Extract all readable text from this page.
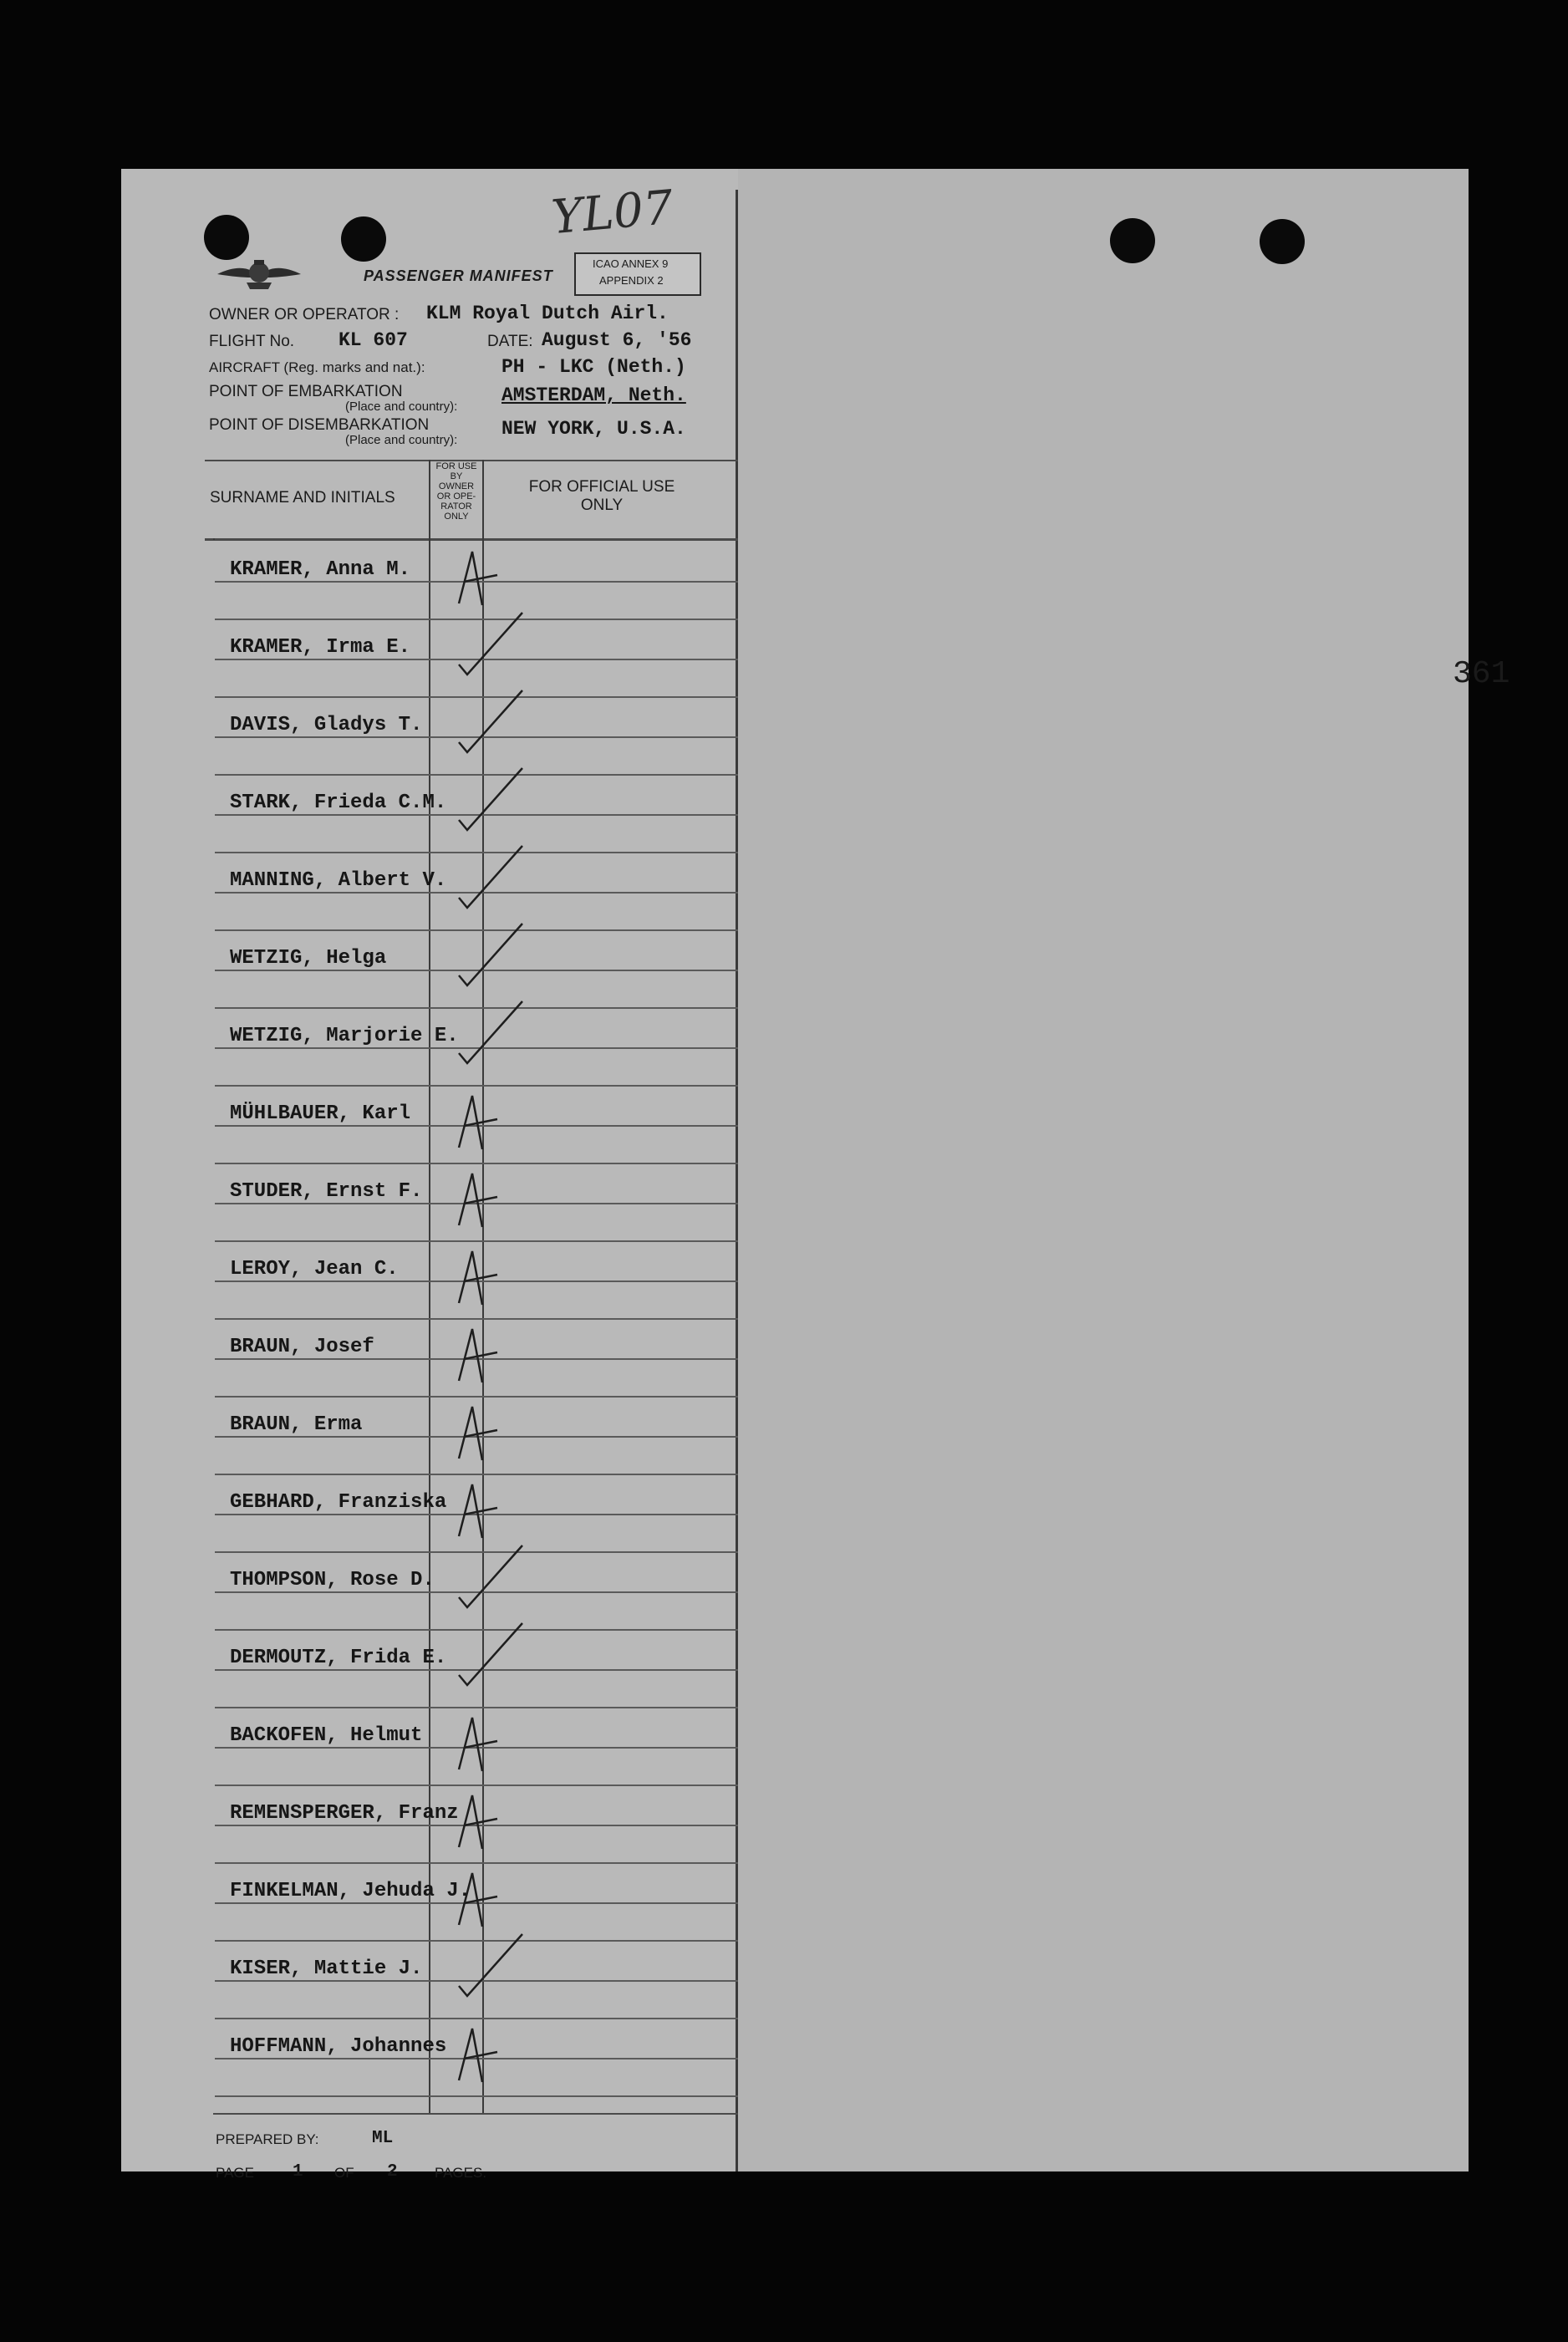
361
YL07
PASSENGER MANIFEST
ICAO ANNEX 9
APPENDIX 2
OWNER OR OPERATOR : KLM Royal Dutch Airl.
FLIGHT No. KL 607	DATE: August 6, '56
AIRCRAFT (Reg. marks and nat.):	PH - LKC (Neth.)
POINT OF EMBARKATION
(Place and country):
AMSTERDAM, Neth.
POINT OF DISEMBARKATION
(Place and country):
NEW YORK, U.S.A.
SURNAME AND INITIALS
FOR USE
BY
OWNER
OR OPE-
RATOR
ONLY
FOR OFFICIAL USE
ONLY
KRAMER, Anna M.
KRAMER, Irma E.
DAVIS, Gladys T.
STARK, Frieda C.M.
MANNING, Albert V.
WETZIG, Helga
WETZIG, Marjorie E.
MÜHLBAUER, Karl
STUDER, Ernst F.
LEROY, Jean C.
BRAUN, Josef
BRAUN, Erma
GEBHARD, Franziska
THOMPSON, Rose D.
DERMOUTZ, Frida E.
BACKOFEN, Helmut
REMENSPERGER, Franz
FINKELMAN, Jehuda J.
KISER, Mattie J.
HOFFMANN, Johannes
PREPARED BY:	ML
PAGE 1 OF 2	PAGES.
